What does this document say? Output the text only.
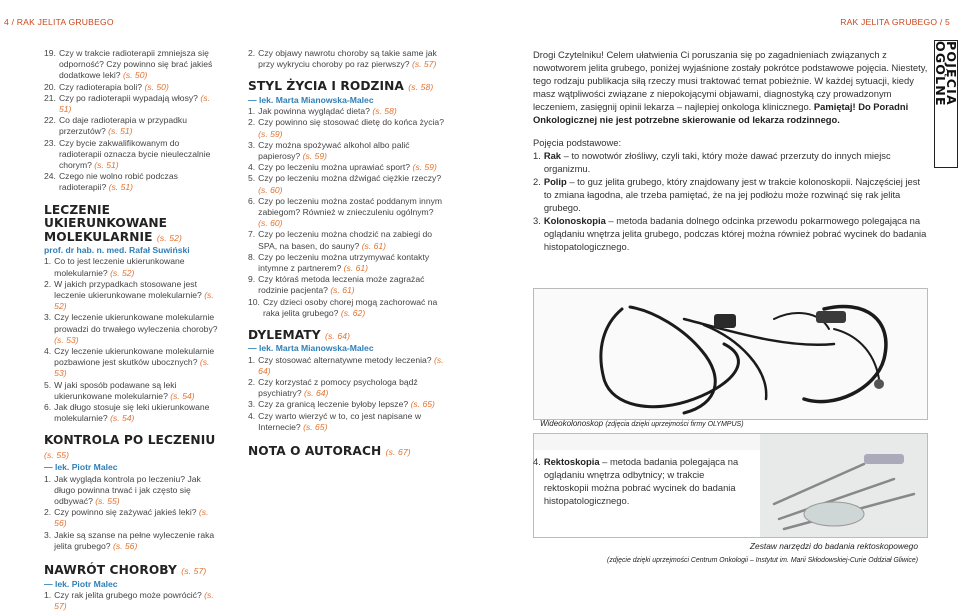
4 / RAK JELITA GRUBEGO	RAK JELITA GRUBEGO / 5
19. Czy w trakcie radioterapii zmniejsza się odporność? Czy powinno się brać jakieś dodatkowe leki? (s. 50)
20. Czy radioterapia boli? (s. 50)
21. Czy po radioterapii wypadają włosy? (s. 51)
22. Co daje radioterapia w przypadku przerzutów? (s. 51)
23. Czy bycie zakwalifikowanym do radioterapii oznacza bycie nieuleczalnie chorym? (s. 51)
24. Czego nie wolno robić podczas radioterapii? (s. 51)
LECZENIE UKIERUNKOWANE MOLEKULARNIE (s. 52)
prof. dr hab. n. med. Rafał Suwiński
1. Co to jest leczenie ukierunkowane molekularnie? (s. 52)
2. W jakich przypadkach stosowane jest leczenie ukierunkowane molekularnie? (s. 52)
3. Czy leczenie ukierunkowane molekularnie prowadzi do trwałego wyleczenia choroby? (s. 53)
4. Czy leczenie ukierunkowane molekularnie pozbawione jest skutków ubocznych? (s. 53)
5. W jaki sposób podawane są leki ukierunkowane molekularnie? (s. 54)
6. Jak długo stosuje się leki ukierunkowane molekularnie? (s. 54)
KONTROLA PO LECZENIU (s. 55)
— lek. Piotr Malec
1. Jak wygląda kontrola po leczeniu? Jak długo powinna trwać i jak często się odbywać? (s. 55)
2. Czy powinno się zażywać jakieś leki? (s. 56)
3. Jakie są szanse na pełne wyleczenie raka jelita grubego? (s. 56)
NAWRÓT CHOROBY (s. 57)
— lek. Piotr Malec
1. Czy rak jelita grubego może powrócić? (s. 57)
2. Czy objawy nawrotu choroby są takie same jak przy wykryciu choroby po raz pierwszy? (s. 57)
STYL ŻYCIA I RODZINA (s. 58)
— lek. Marta Mianowska-Malec
1. Jak powinna wyglądać dieta? (s. 58)
2. Czy powinno się stosować dietę do końca życia? (s. 59)
3. Czy można spożywać alkohol albo palić papierosy? (s. 59)
4. Czy po leczeniu można uprawiać sport? (s. 59)
5. Czy po leczeniu można dźwigać ciężkie rzeczy? (s. 60)
6. Czy po leczeniu można zostać poddanym innym zabiegom? Również w znieczuleniu ogólnym? (s. 60)
7. Czy po leczeniu można chodzić na zabiegi do SPA, na basen, do sauny? (s. 61)
8. Czy po leczeniu można utrzymywać kontakty intymne z partnerem? (s. 61)
9. Czy któraś metoda leczenia może zagrażać rodzinie pacjenta? (s. 61)
10. Czy dzieci osoby chorej mogą zachorować na raka jelita grubego? (s. 62)
DYLEMATY (s. 64)
— lek. Marta Mianowska-Malec
1. Czy stosować alternatywne metody leczenia? (s. 64)
2. Czy korzystać z pomocy psychologa bądź psychiatry? (s. 64)
3. Czy za granicą leczenie byłoby lepsze? (s. 65)
4. Czy warto wierzyć w to, co jest napisane w Internecie? (s. 65)
NOTA O AUTORACH (s. 67)
Drogi Czytelniku! Celem ułatwienia Ci poruszania się po zagadnieniach związanych z nowotworem jelita grubego, poniżej wyjaśnione zostały pokrótce podstawowe pojęcia. Niestety, tego rodzaju publikacja siłą rzeczy musi traktować temat pobieżnie. W każdej sytuacji, kiedy masz wątpliwości związane z niepokojącymi objawami, diagnostyką czy prowadzonym leczeniem, zasięgnij opinii lekarza – najlepiej onkologa klinicznego. Pamiętaj! Do Poradni Onkologicznej nie jest potrzebne skierowanie od lekarza rodzinnego.
Pojęcia podstawowe:
1. Rak – to nowotwór złośliwy, czyli taki, który może dawać przerzuty do innych miejsc organizmu.
2. Polip – to guz jelita grubego, który znajdowany jest w trakcie kolonoskopii. Najczęściej jest to zmiana łagodna, ale trzeba pamiętać, że na jej podłożu może rozwinąć się rak jelita grubego.
3. Kolonoskopia – metoda badania dolnego odcinka przewodu pokarmowego polegająca na oglądaniu wnętrza jelita grubego, podczas której można również pobrać wycinek do badania histopatologicznego.
POJĘCIA OGÓLNE
Wideokolonoskop (zdjęcia dzięki uprzejmości firmy OLYMPUS)
4. Rektoskopia – metoda badania polegająca na oglądaniu wnętrza odbytnicy; w trakcie rektoskopii można pobrać wycinek do badania histopatologicznego.
Zestaw narzędzi do badania rektoskopowego
(zdjęcie dzięki uprzejmości Centrum Onkologii – Instytut im. Marii Skłodowskiej-Curie Oddział Gliwice)
